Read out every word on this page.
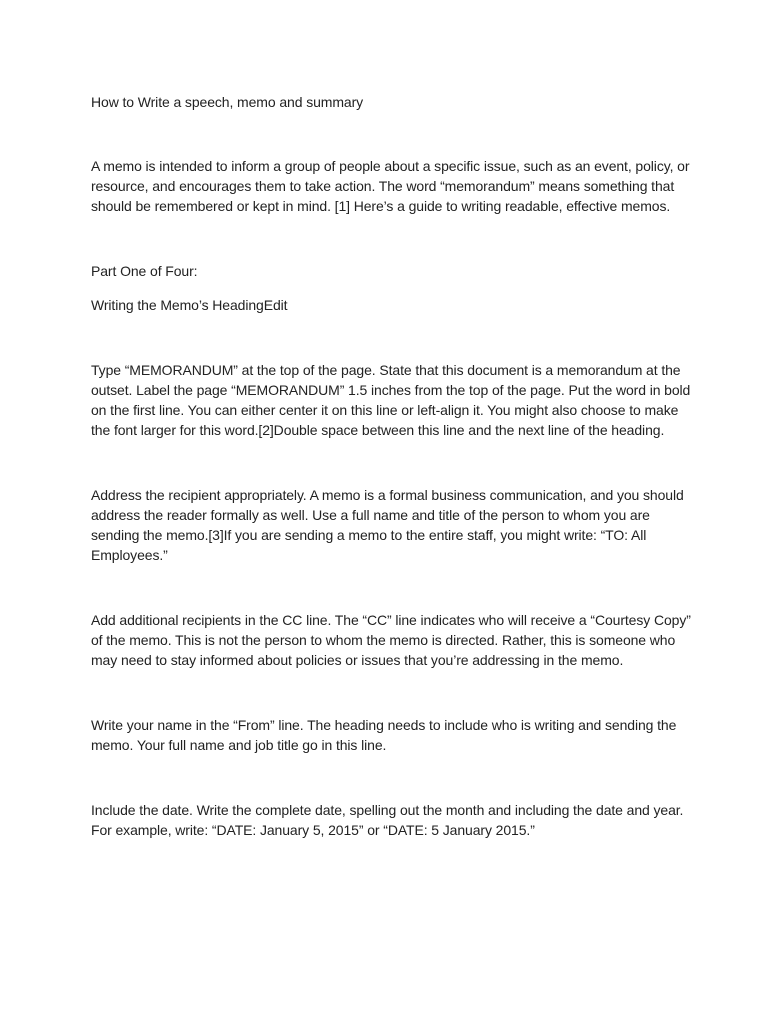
How to Write a speech, memo and summary

A memo is intended to inform a group of people about a specific issue, such as an event, policy, or resource, and encourages them to take action. The word “memorandum” means something that should be remembered or kept in mind. [1] Here’s a guide to writing readable, effective memos.

Part One of Four:

Writing the Memo’s HeadingEdit

Type “MEMORANDUM” at the top of the page. State that this document is a memorandum at the outset. Label the page “MEMORANDUM” 1.5 inches from the top of the page. Put the word in bold on the first line. You can either center it on this line or left-align it. You might also choose to make the font larger for this word.[2]Double space between this line and the next line of the heading.

Address the recipient appropriately. A memo is a formal business communication, and you should address the reader formally as well. Use a full name and title of the person to whom you are sending the memo.[3]If you are sending a memo to the entire staff, you might write: “TO: All Employees.”

Add additional recipients in the CC line. The “CC” line indicates who will receive a “Courtesy Copy” of the memo. This is not the person to whom the memo is directed. Rather, this is someone who may need to stay informed about policies or issues that you’re addressing in the memo.

Write your name in the “From” line. The heading needs to include who is writing and sending the memo. Your full name and job title go in this line.

Include the date. Write the complete date, spelling out the month and including the date and year. For example, write: “DATE: January 5, 2015” or “DATE: 5 January 2015.”
